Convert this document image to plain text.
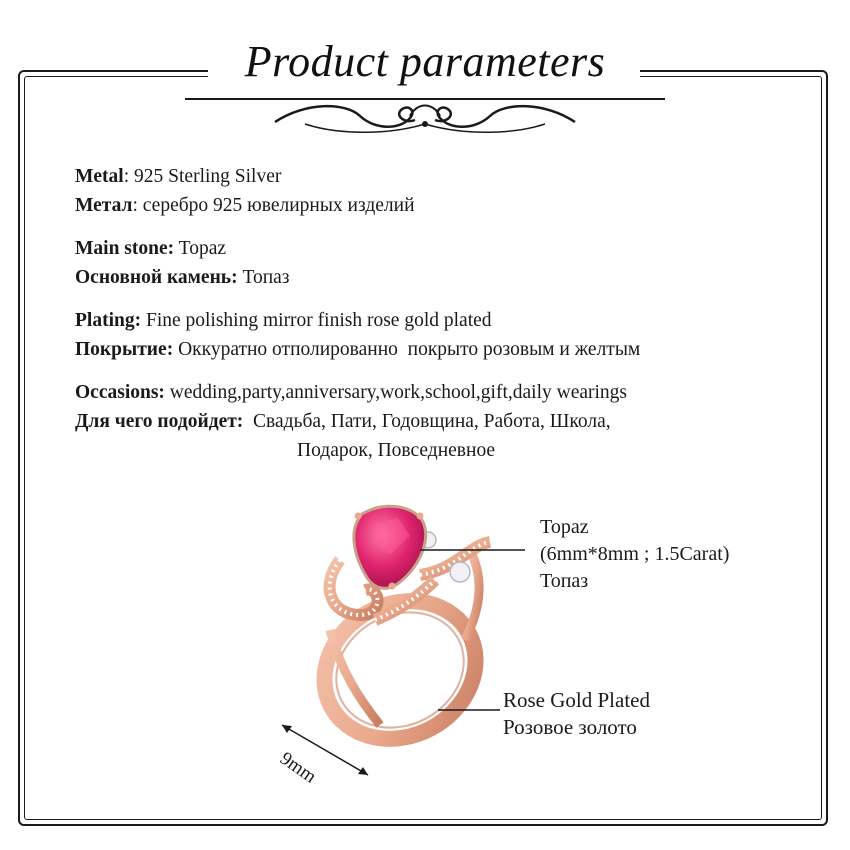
Product parameters
Metal: 925 Sterling Silver
Метал: серебро 925 ювелирных изделий
Main stone: Topaz
Основной камень: Топаз
Plating: Fine polishing mirror finish rose gold plated
Покрытие: Оккуратно отполированно  покрыто розовым и желтым
Occasions: wedding,party,anniversary,work,school,gift,daily wearings
Для чего подойдет: Свадьба, Пати, Годовщина, Работа, Школа,
Подарок, Повседневное
Topaz
(6mm*8mm ; 1.5Carat)
Топаз
Rose Gold Plated
Розовое золото
9mm
